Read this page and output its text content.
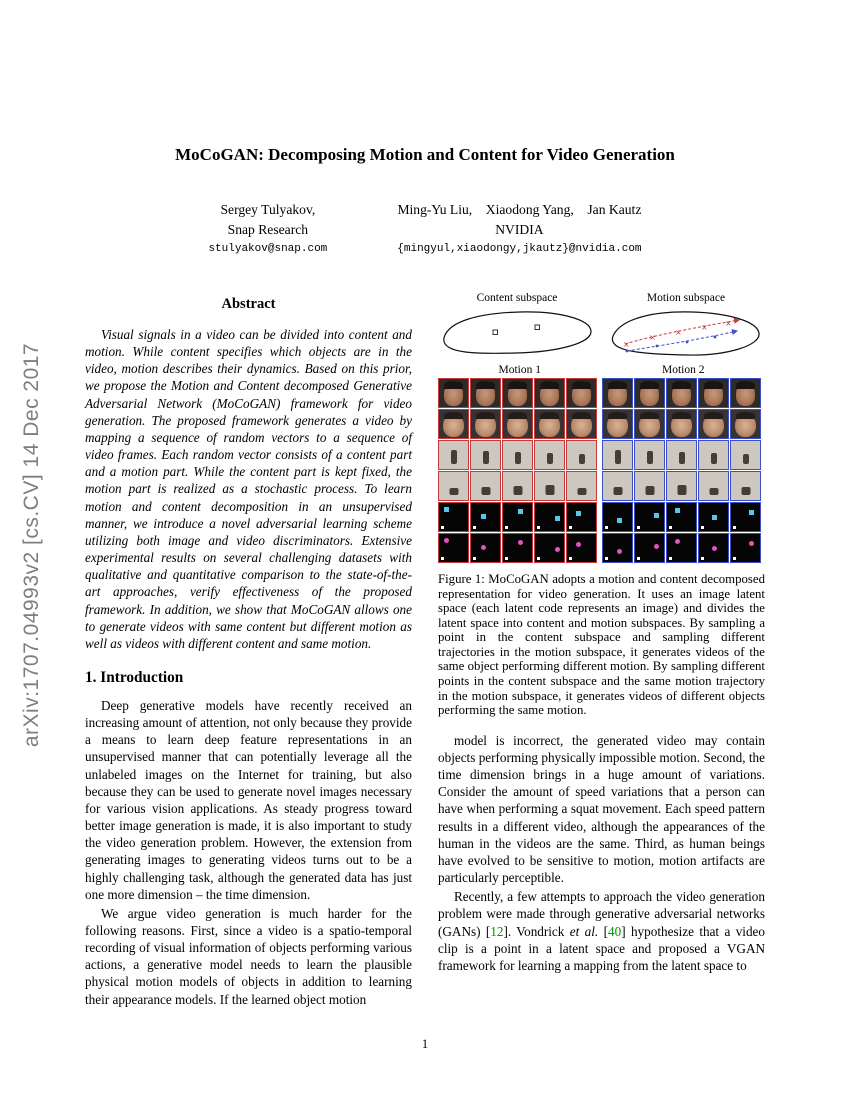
arXiv:1707.04993v2 [cs.CV] 14 Dec 2017
MoCoGAN: Decomposing Motion and Content for Video Generation
Sergey Tulyakov,
Snap Research
stulyakov@snap.com
Ming-Yu Liu,    Xiaodong Yang,    Jan Kautz
NVIDIA
{mingyul,xiaodongy,jkautz}@nvidia.com
Abstract

Visual signals in a video can be divided into content and motion. While content specifies which objects are in the video, motion describes their dynamics. Based on this prior, we propose the Motion and Content decomposed Generative Adversarial Network (MoCoGAN) framework for video generation. The proposed framework generates a video by mapping a sequence of random vectors to a sequence of video frames. Each random vector consists of a content part and a motion part. While the content part is kept fixed, the motion part is realized as a stochastic process. To learn motion and content decomposition in an unsupervised manner, we introduce a novel adversarial learning scheme utilizing both image and video discriminators. Extensive experimental results on several challenging datasets with qualitative and quantitative comparison to the state-of-the-art approaches, verify effectiveness of the proposed framework. In addition, we show that MoCoGAN allows one to generate videos with same content but different motion as well as videos with different content and same motion.

1. Introduction

Deep generative models have recently received an increasing amount of attention, not only because they provide a means to learn deep feature representations in an unsupervised manner that can potentially leverage all the unlabeled images on the Internet for training, but also because they can be used to generate novel images necessary for various vision applications. As steady progress toward better image generation is made, it is also important to study the video generation problem. However, the extension from generating images to generating videos turns out to be a highly challenging task, although the generated data has just one more dimension – the time dimension.

We argue video generation is much harder for the following reasons. First, since a video is a spatio-temporal recording of visual information of objects performing various actions, a generative model needs to learn the plausible physical motion models of objects in addition to learning their appearance models. If the learned object motion

Content subspace	Motion subspace
×
×
×
× ×
Motion 1	Motion 2

Figure 1: MoCoGAN adopts a motion and content decomposed representation for video generation. It uses an image latent space (each latent code represents an image) and divides the latent space into content and motion subspaces. By sampling a point in the content subspace and sampling different trajectories in the motion subspace, it generates videos of the same object performing different motion. By sampling different points in the content subspace and the same motion trajectory in the motion subspace, it generates videos of different objects performing the same motion.

model is incorrect, the generated video may contain objects performing physically impossible motion. Second, the time dimension brings in a huge amount of variations. Consider the amount of speed variations that a person can have when performing a squat movement. Each speed pattern results in a different video, although the appearances of the human in the videos are the same. Third, as human beings have evolved to be sensitive to motion, motion artifacts are particularly perceptible.

Recently, a few attempts to approach the video generation problem were made through generative adversarial networks (GANs) [12]. Vondrick et al. [40] hypothesize that a video clip is a point in a latent space and proposed a VGAN framework for learning a mapping from the latent space to

1
